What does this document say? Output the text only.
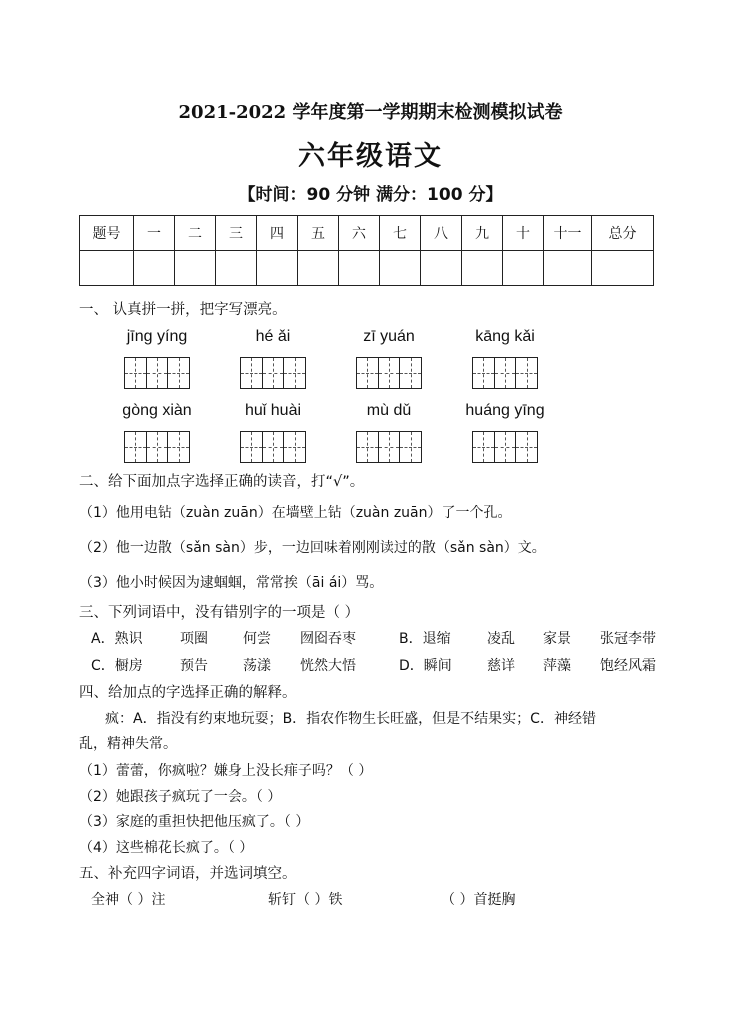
2021-2022 学年度第一学期期末检测模拟试卷
六年级语文
【时间：90 分钟 满分：100 分】
题号	一	二	三	四	五	六	七	八	九	十	十一	总分

一、 认真拼一拼，把字写漂亮。
jīng yíng	hé ǎi	zī yuán	kāng kǎi
gòng xiàn	huǐ huài	mù dǔ	huáng yīng
二、给下面加点字选择正确的读音，打“√”。
（1）他用电钻（zuàn zuān）在墙壁上钻（zuàn zuān）了一个孔。
（2）他一边散（sǎn sàn）步，一边回味着刚刚读过的散（sǎn sàn）文。
（3）他小时候因为逮蝈蝈，常常挨（āi ái）骂。
三、下列词语中，没有错别字的一项是（ ）
A．熟识	项圈	何尝 囫囵吞枣	B．退缩	凌乱 家景 张冠李带
C．橱房	预告	荡漾 恍然大悟	D．瞬间	慈详 萍藻 饱经风霜
四、给加点的字选择正确的解释。
疯：A．指没有约束地玩耍；B．指农作物生长旺盛，但是不结果实；C．神经错
乱，精神失常。
（1）蕾蕾，你疯啦？嫌身上没长痱子吗？（ ）
（2）她跟孩子疯玩了一会。（ ）
（3）家庭的重担快把他压疯了。（ ）
（4）这些棉花长疯了。（ ）
五、补充四字词语，并选词填空。
全神（ ）注	斩钉（ ）铁	（ ）首挺胸
